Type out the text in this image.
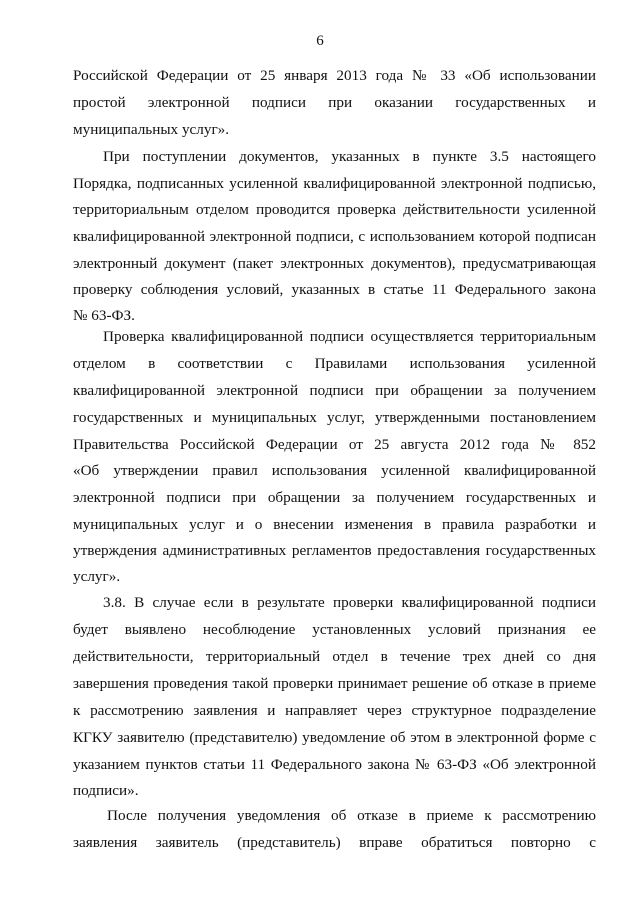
6
Российской Федерации от 25 января 2013 года № 33 «Об использовании
простой электронной подписи при оказании государственных и
муниципальных услуг».
При поступлении документов, указанных в пункте 3.5 настоящего
Порядка, подписанных усиленной квалифицированной электронной подписью,
территориальным отделом проводится проверка действительности усиленной
квалифицированной электронной подписи, с использованием которой подписан
электронный документ (пакет электронных документов), предусматривающая
проверку соблюдения условий, указанных в статье 11 Федерального закона
№ 63-ФЗ.
Проверка квалифицированной подписи осуществляется территориальным
отделом в соответствии с Правилами использования усиленной
квалифицированной электронной подписи при обращении за получением
государственных и муниципальных услуг, утвержденными постановлением
Правительства Российской Федерации от 25 августа 2012 года № 852
«Об утверждении правил использования усиленной квалифицированной
электронной подписи при обращении за получением государственных и
муниципальных услуг и о внесении изменения в правила разработки и
утверждения административных регламентов предоставления государственных
услуг».
3.8. В случае если в результате проверки квалифицированной подписи
будет выявлено несоблюдение установленных условий признания ее
действительности, территориальный отдел в течение трех дней со дня
завершения проведения такой проверки принимает решение об отказе в приеме
к рассмотрению заявления и направляет через структурное подразделение
КГКУ заявителю (представителю) уведомление об этом в электронной форме с
указанием пунктов статьи 11 Федерального закона № 63-ФЗ «Об электронной
подписи».
После получения уведомления об отказе в приеме к рассмотрению
заявления заявитель (представитель) вправе обратиться повторно с
